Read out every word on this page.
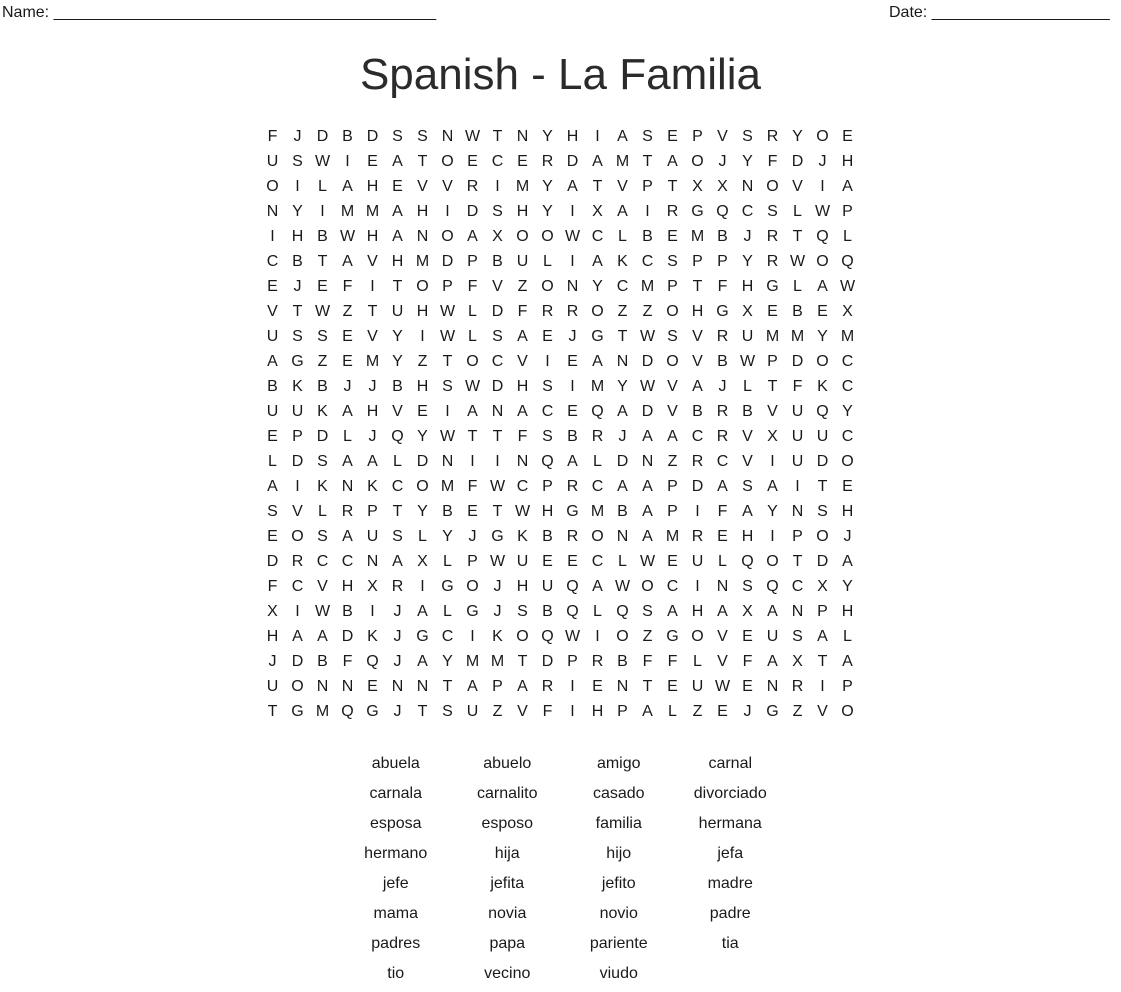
Name: ___________________________________________	Date: ____________________
Spanish - La Familia
F	J D B D S S N W T N Y H	I	A S E P V S R Y O E
U S W I	E A T O E C E R D A M T A O J Y F D J H
O	I	L A H E V V R	I	M Y A T V P T X X N O V	I	A
N Y	I	M M A H	I	D S H Y	I	X A	I	R G Q C S L W P
I	H B W H A N O A X O O W C L B E M B J R T Q L
C B T A V H M D P B U L	I	A K C S P P Y R W O Q
E J E F	I	T O P F V Z O N Y C M P T F H G L A W
V T W Z T U H W L D F R R O Z Z O H G X E B E X
U S S E V Y	I W L S A E J G T W S V R U M M Y M
A G Z E M Y Z T O C V	I	E A N D O V B W P D O C
B K B J	J B H S W D H S	I	M Y W V A J	L T F K C
U U K A H V E	I	A N A C E Q A D V B R B V U Q Y
E P D L	J Q Y W T T F S B R J A A C R V X U U C
L D S A A L D N	I	I	N Q A L D N Z R C V	I	U D O
A	I	K N K C O M F W C P R C A A P D A S A	I	T E
S V L R P T Y B E T W H G M B A P	I	F A Y N S H
E O S A U S L Y J G K B R O N A M R E H	I	P O J
D R C C N A X L P W U E E C L W E U L Q O T D A
F C V H X R	I	G O J H U Q A W O C	I	N S Q C X Y
X	I W B	I	J A L G J S B Q L Q S A H A X A N P H
H A A D K J G C	I	K O Q W I	O Z G O V E U S A L
J D B F Q J A Y M M T D P R B F F L V F A X T A
U O N N E N N T A P A R	I	E N T E U W E N R	I	P
T G M Q G J	T S U Z V F	I	H P A L Z E J G Z V O
abuela	abuelo	amigo	carnal
carnala	carnalito	casado	divorciado
esposa	esposo	familia	hermana
hermano	hija	hijo	jefa
jefe	jefita	jefito	madre
mama	novia	novio	padre
padres	papa	pariente	tia
tio	vecino	viudo
